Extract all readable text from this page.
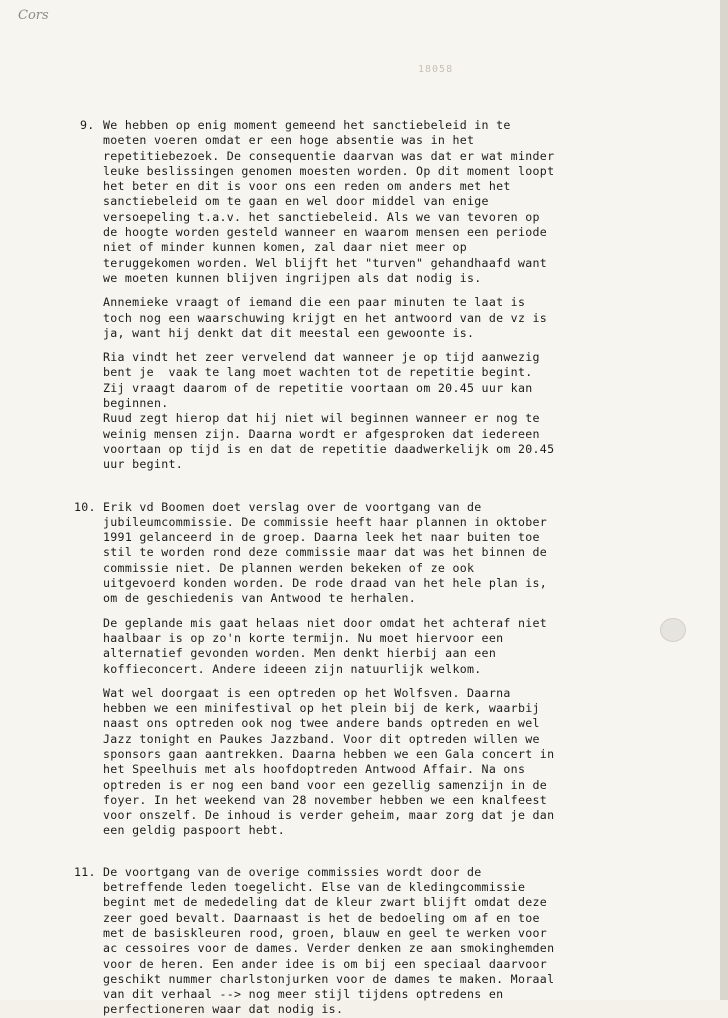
Cors
18058
9. We hebben op enig moment gemeend het sanctiebeleid in te
moeten voeren omdat er een hoge absentie was in het
repetitiebezoek. De consequentie daarvan was dat er wat minder
leuke beslissingen genomen moesten worden. Op dit moment loopt
het beter en dit is voor ons een reden om anders met het
sanctiebeleid om te gaan en wel door middel van enige
versoepeling t.a.v. het sanctiebeleid. Als we van tevoren op
de hoogte worden gesteld wanneer en waarom mensen een periode
niet of minder kunnen komen, zal daar niet meer op
teruggekomen worden. Wel blijft het "turven" gehandhaafd want
we moeten kunnen blijven ingrijpen als dat nodig is.
Annemieke vraagt of iemand die een paar minuten te laat is
toch nog een waarschuwing krijgt en het antwoord van de vz is
ja, want hij denkt dat dit meestal een gewoonte is.
Ria vindt het zeer vervelend dat wanneer je op tijd aanwezig
bent je  vaak te lang moet wachten tot de repetitie begint.
Zij vraagt daarom of de repetitie voortaan om 20.45 uur kan
beginnen.
Ruud zegt hierop dat hij niet wil beginnen wanneer er nog te
weinig mensen zijn. Daarna wordt er afgesproken dat iedereen
voortaan op tijd is en dat de repetitie daadwerkelijk om 20.45
uur begint.
10. Erik vd Boomen doet verslag over de voortgang van de
jubileumcommissie. De commissie heeft haar plannen in oktober
1991 gelanceerd in de groep. Daarna leek het naar buiten toe
stil te worden rond deze commissie maar dat was het binnen de
commissie niet. De plannen werden bekeken of ze ook
uitgevoerd konden worden. De rode draad van het hele plan is,
om de geschiedenis van Antwood te herhalen.
De geplande mis gaat helaas niet door omdat het achteraf niet
haalbaar is op zo'n korte termijn. Nu moet hiervoor een
alternatief gevonden worden. Men denkt hierbij aan een
koffieconcert. Andere ideeen zijn natuurlijk welkom.
Wat wel doorgaat is een optreden op het Wolfsven. Daarna
hebben we een minifestival op het plein bij de kerk, waarbij
naast ons optreden ook nog twee andere bands optreden en wel
Jazz tonight en Paukes Jazzband. Voor dit optreden willen we
sponsors gaan aantrekken. Daarna hebben we een Gala concert in
het Speelhuis met als hoofdoptreden Antwood Affair. Na ons
optreden is er nog een band voor een gezellig samenzijn in de
foyer. In het weekend van 28 november hebben we een knalfeest
voor onszelf. De inhoud is verder geheim, maar zorg dat je dan
een geldig paspoort hebt.
11. De voortgang van de overige commissies wordt door de
betreffende leden toegelicht. Else van de kledingcommissie
begint met de mededeling dat de kleur zwart blijft omdat deze
zeer goed bevalt. Daarnaast is het de bedoeling om af en toe
met de basiskleuren rood, groen, blauw en geel te werken voor
ac cessoires voor de dames. Verder denken ze aan smokinghemden
voor de heren. Een ander idee is om bij een speciaal daarvoor
geschikt nummer charlstonjurken voor de dames te maken. Moraal
van dit verhaal --> nog meer stijl tijdens optredens en
perfectioneren waar dat nodig is.
